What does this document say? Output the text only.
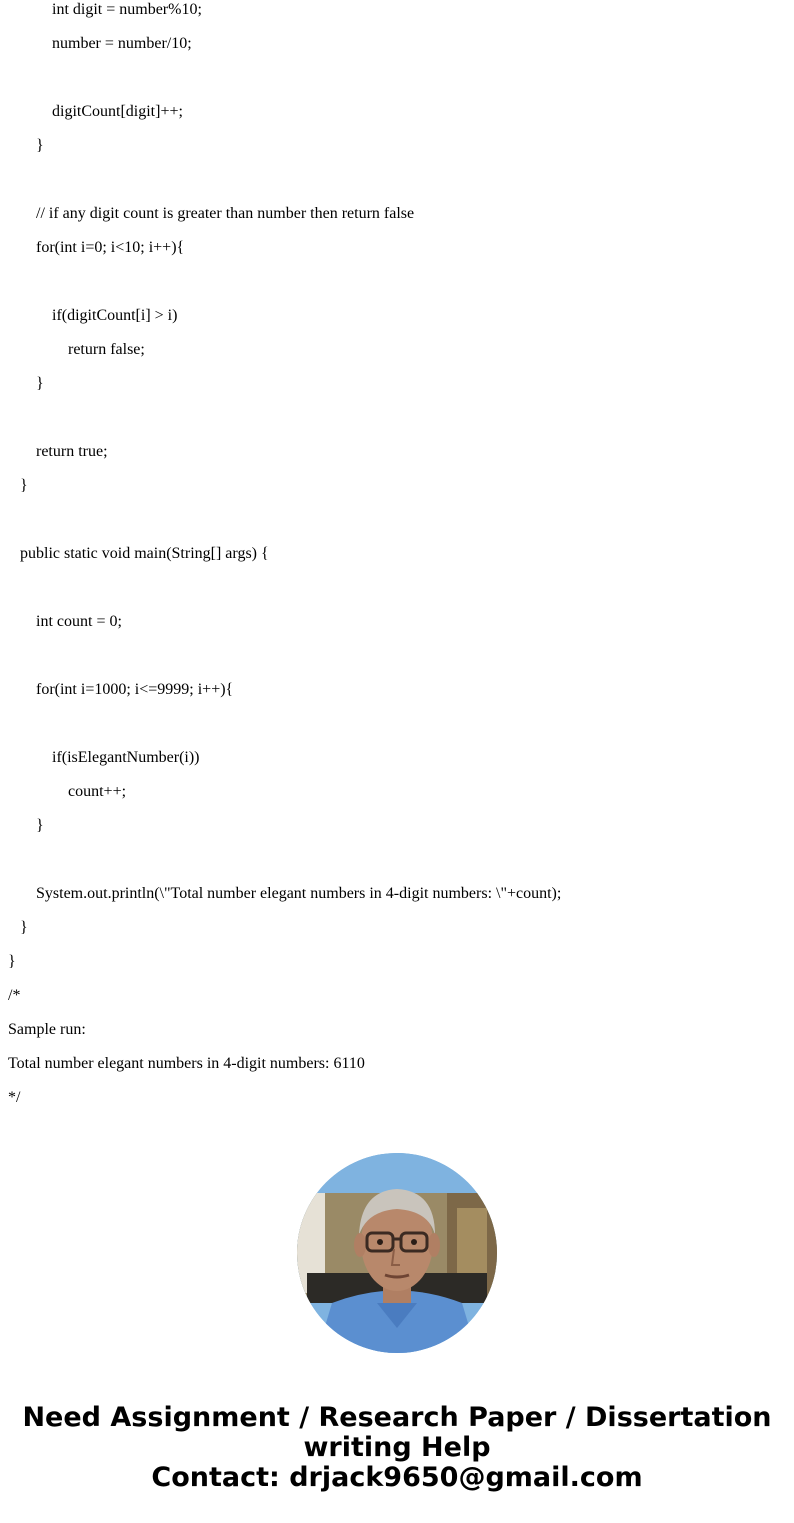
int digit = number%10;
number = number/10;
digitCount[digit]++;
}
// if any digit count is greater than number then return false
for(int i=0; i<10; i++){
if(digitCount[i] > i)
return false;
}
return true;
}
public static void main(String[] args) {
int count = 0;
for(int i=1000; i<=9999; i++){
if(isElegantNumber(i))
count++;
}
System.out.println(\"Total number elegant numbers in 4-digit numbers: \"+count);
}
}
/*
Sample run:
Total number elegant numbers in 4-digit numbers: 6110
*/
Need Assignment / Research Paper / Dissertation
writing Help
Contact: drjack9650@gmail.com
